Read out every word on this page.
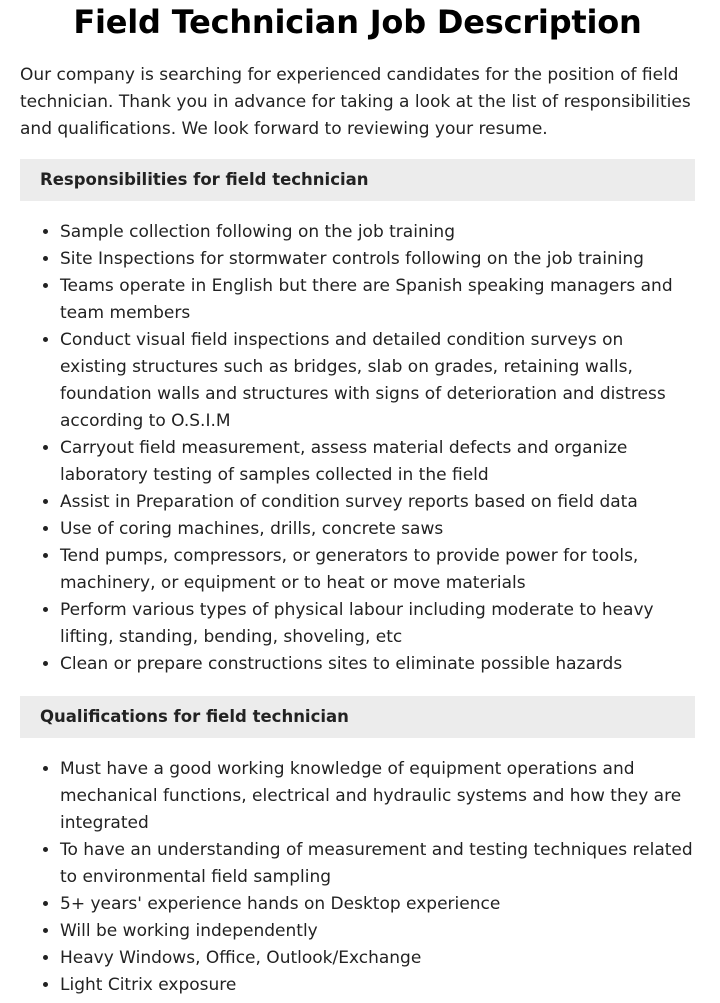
Field Technician Job Description

Our company is searching for experienced candidates for the position of field technician. Thank you in advance for taking a look at the list of responsibilities and qualifications. We look forward to reviewing your resume.

Responsibilities for field technician
• Sample collection following on the job training
• Site Inspections for stormwater controls following on the job training
• Teams operate in English but there are Spanish speaking managers and team members
• Conduct visual field inspections and detailed condition surveys on existing structures such as bridges, slab on grades, retaining walls, foundation walls and structures with signs of deterioration and distress according to O.S.I.M
• Carryout field measurement, assess material defects and organize laboratory testing of samples collected in the field
• Assist in Preparation of condition survey reports based on field data
• Use of coring machines, drills, concrete saws
• Tend pumps, compressors, or generators to provide power for tools, machinery, or equipment or to heat or move materials
• Perform various types of physical labour including moderate to heavy lifting, standing, bending, shoveling, etc
• Clean or prepare constructions sites to eliminate possible hazards
Qualifications for field technician
• Must have a good working knowledge of equipment operations and mechanical functions, electrical and hydraulic systems and how they are integrated
• To have an understanding of measurement and testing techniques related to environmental field sampling
• 5+ years' experience hands on Desktop experience
• Will be working independently
• Heavy Windows, Office, Outlook/Exchange
• Light Citrix exposure
